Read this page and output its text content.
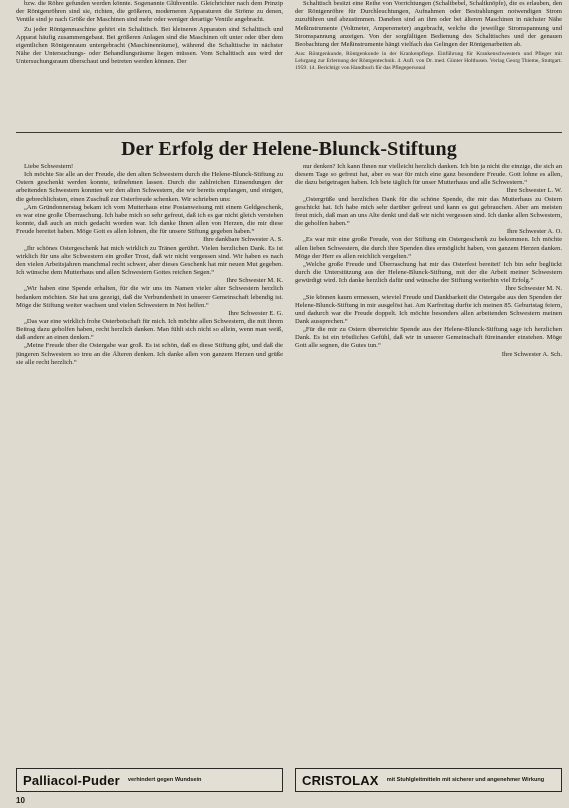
bzw. die Röhre gefunden werden könnte. Sogenannte Glühventile. Gleichrichter nach dem Prinzip der Röntgenröhren sind sie, richten, die größeren, moderneren Apparaturen die Ströme zu denen, Ventile sind je nach Größe der Maschinen sind mehr oder weniger derartige Ventile angebracht.

Zu jeder Röntgenmaschine gehört ein Schalttisch. Bei kleineren Apparaten sind Schalttisch und Apparat häufig zusammengebaut. Bei größeren Anlagen sind die Maschinen oft unter oder über dem eigentlichen Röntgenraum untergebracht (Maschinenräume), während die Schalttische in nächster Nähe der Untersuchungs- oder Behandlungsräume liegen müssen. Vom Schalttisch aus wird der Untersuchungsraum überschaut und betreten werden können. Der

Schalttisch besitzt eine Reihe von Vorrichtungen (Schaltbebel, Schaltknöpfe), die es erlauben, den der Röntgenröhre für Durchleuchtungen, Aufnahmen oder Bestrahlungen notwendigen Strom zuzuführen und abzustimmen. Daneben sind an ihm oder bei älteren Maschinen in nächster Nähe Meßinstrumente (Voltmeter, Amperemeter) angebracht, welche die jeweilige Stromspannung und Stromspannung anzeigen. Von der sorgfältigen Bedienung des Schalttisches und der genauen Beobachtung der Meßinstrumente hängt vielfach das Gelingen der Röntgenarbeiten ab.

Aus: Röntgenkunde, Röntgenkunde in der Krankenpflege. Einführung für Krankenschwestern und Pfleger mit Lehrgang zur Erlernung der Röntgentechnik. 4. Aufl. von Dr. med. Günter Holthusen. Verlag Georg Thieme, Stuttgart. 1959. 14. Berichtigt von Handbuch für das Pflegepersonal
Der Erfolg der Helene-Blunck-Stiftung

Liebe Schwestern!

Ich möchte Sie alle an der Freude, die den alten Schwestern durch die Helene-Blunck-Stiftung zu Ostern geschenkt werden konnte, teilnehmen lassen. Durch die zahlreichen Einsendungen der arbeitenden Schwestern konnten wir den alten Schwestern, die wir bereits empfangen, und einigen, die gebrechlichsten, einen Zuschuß zur Osterfreude schenken. Wir schrieben uns:

„Am Gründonnerstag bekam ich vom Mutterhaus eine Postanweisung mit einem Geldgeschenk, es war eine große Überraschung. Ich habe mich so sehr gefreut, daß ich es gar nicht gleich verstehen konnte, daß auch an mich gedacht worden war. Ich danke Ihnen allen von Herzen, die mir diese Freude bereitet haben. Möge Gott es allen lohnen, die für unsere Stiftung gegeben haben.“

Ihre dankbare Schwester A. S.

„Ihr schönes Ostergeschenk hat mich wirklich zu Tränen gerührt. Vielen herzlichen Dank. Es ist wirklich für uns alte Schwestern ein großer Trost, daß wir nicht vergessen sind. Wir haben es nach den vielen Arbeitsjahren manchmal recht schwer, aber dieses Geschenk hat mir neuen Mut gegeben. Ich wünsche dem Mutterhaus und allen Schwestern Gottes reichen Segen.“

Ihre Schwester M. K.

„Wir haben eine Spende erhalten, für die wir uns im Namen vieler alter Schwestern herzlich bedanken möchten. Sie hat uns gezeigt, daß die Verbundenheit in unserer Gemeinschaft lebendig ist. Möge die Stiftung weiter wachsen und vielen Schwestern in Not helfen.“

Ihre Schwester E. G.

„Das war eine wirklich frohe Osterbotschaft für mich. Ich möchte allen Schwestern, die mit ihrem Beitrag dazu geholfen haben, recht herzlich danken. Man fühlt sich nicht so allein, wenn man weiß, daß andere an einen denken.“

„Meine Freude über die Ostergabe war groß. Es ist schön, daß es diese Stiftung gibt, und daß die jüngeren Schwestern so treu an die Älteren denken. Ich danke allen von ganzem Herzen und grüße sie alle recht herzlich.“

nur denken? Ich kann Ihnen nur vielleicht herzlich danken. Ich bin ja nicht die einzige, die sich an diesem Tage so gefreut hat, aber es war für mich eine ganz besondere Freude. Gott lohne es allen, die dazu beigetragen haben. Ich bete täglich für unser Mutterhaus und alle Schwestern.“

Ihre Schwester L. W.

„Ostergrüße und herzlichen Dank für die schöne Spende, die mir das Mutterhaus zu Ostern geschickt hat. Ich habe mich sehr darüber gefreut und kann es gut gebrauchen. Aber am meisten freut mich, daß man an uns Alte denkt und daß wir nicht vergessen sind. Ich danke allen Schwestern, die geholfen haben.“

Ihre Schwester A. O.

„Es war mir eine große Freude, von der Stiftung ein Ostergeschenk zu bekommen. Ich möchte allen lieben Schwestern, die durch ihre Spenden dies ermöglicht haben, von ganzem Herzen danken. Möge der Herr es allen reichlich vergelten.“

„Welche große Freude und Überraschung hat mir das Osterfest bereitet! Ich bin sehr beglückt durch die Unterstützung aus der Helene-Blunck-Stiftung, mit der die Arbeit meiner Schwestern gewürdigt wird. Ich danke herzlich dafür und wünsche der Stiftung weiterhin viel Erfolg.“

Ihre Schwester M. N.

„Sie können kaum ermessen, wieviel Freude und Dankbarkeit die Ostergabe aus den Spenden der Helene-Blunck-Stiftung in mir ausgelöst hat. Am Karfreitag durfte ich meinen 85. Geburtstag feiern, und dadurch war die Freude doppelt. Ich möchte besonders allen arbeitenden Schwestern meinen Dank aussprechen.“

„Für die mir zu Ostern überreichte Spende aus der Helene-Blunck-Stiftung sage ich herzlichen Dank. Es ist ein tröstliches Gefühl, daß wir in unserer Gemeinschaft füreinander einstehen. Möge Gott alle segnen, die Gutes tun.“

Ihre Schwester A. Sch.

Palliacol-Puder verhindert gegen Wundsein	CRISTOLAX mit Stuhlgleitmitteln mit sicherer und angenehmer Wirkung
10
